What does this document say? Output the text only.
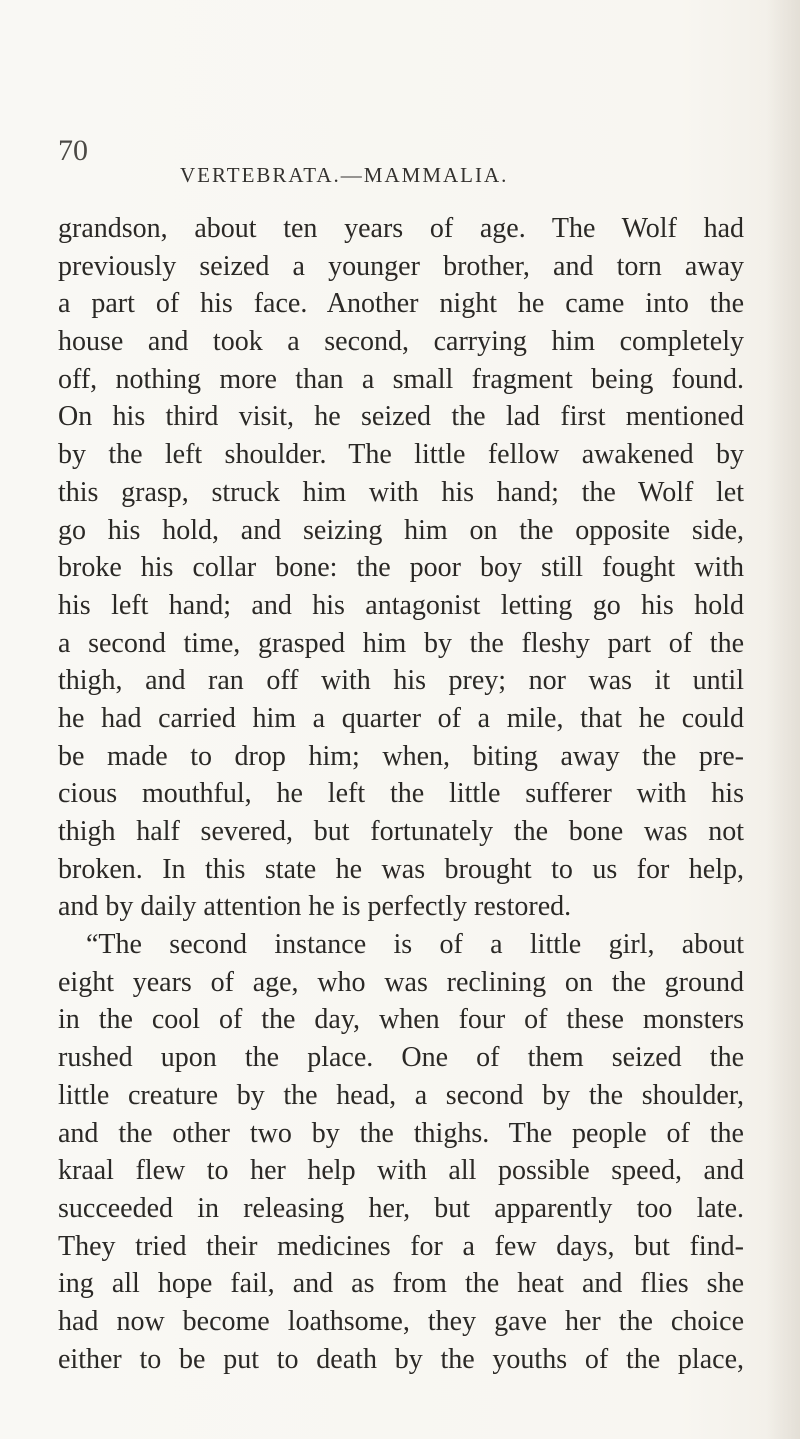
70
VERTEBRATA.—MAMMALIA.
grandson, about ten years of age. The Wolf had
previously seized a younger brother, and torn away
a part of his face. Another night he came into the
house and took a second, carrying him completely
off, nothing more than a small fragment being found.
On his third visit, he seized the lad first mentioned
by the left shoulder. The little fellow awakened by
this grasp, struck him with his hand; the Wolf let
go his hold, and seizing him on the opposite side,
broke his collar bone: the poor boy still fought with
his left hand; and his antagonist letting go his hold
a second time, grasped him by the fleshy part of the
thigh, and ran off with his prey; nor was it until
he had carried him a quarter of a mile, that he could
be made to drop him; when, biting away the pre-
cious mouthful, he left the little sufferer with his
thigh half severed, but fortunately the bone was not
broken. In this state he was brought to us for help,
and by daily attention he is perfectly restored.
“The second instance is of a little girl, about
eight years of age, who was reclining on the ground
in the cool of the day, when four of these monsters
rushed upon the place. One of them seized the
little creature by the head, a second by the shoulder,
and the other two by the thighs. The people of the
kraal flew to her help with all possible speed, and
succeeded in releasing her, but apparently too late.
They tried their medicines for a few days, but find-
ing all hope fail, and as from the heat and flies she
had now become loathsome, they gave her the choice
either to be put to death by the youths of the place,
